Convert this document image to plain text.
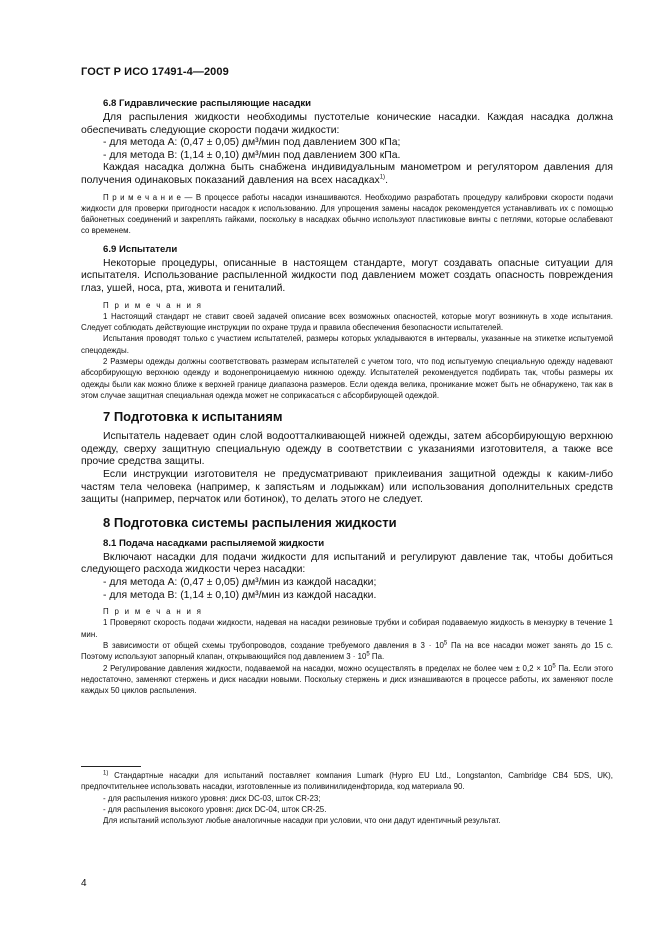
ГОСТ Р ИСО 17491-4—2009
6.8 Гидравлические распыляющие насадки

Для распыления жидкости необходимы пустотелые конические насадки. Каждая насадка должна обеспечивать следующие скорости подачи жидкости:

- для метода A: (0,47 ± 0,05) дм³/мин под давлением 300 кПа;
- для метода B: (1,14 ± 0,10) дм³/мин под давлением 300 кПа.

Каждая насадка должна быть снабжена индивидуальным манометром и регулятором давления для получения одинаковых показаний давления на всех насадках$^{1)}$.

П р и м е ч а н и е — В процессе работы насадки изнашиваются. Необходимо разработать процедуру калибровки скорости подачи жидкости для проверки пригодности насадок к использованию. Для упрощения замены насадок рекомендуется устанавливать их с помощью байонетных соединений и закреплять гайками, поскольку в насадках обычно используют пластиковые винты с петлями, которые ослабевают со временем.

6.9 Испытатели

Некоторые процедуры, описанные в настоящем стандарте, могут создавать опасные ситуации для испытателя. Использование распыленной жидкости под давлением может создать опасность повреждения глаз, ушей, носа, рта, живота и гениталий.

П р и м е ч а н и я

1 Настоящий стандарт не ставит своей задачей описание всех возможных опасностей, которые могут возникнуть в ходе испытания. Следует соблюдать действующие инструкции по охране труда и правила обеспечения безопасности испытателей.

Испытания проводят только с участием испытателей, размеры которых укладываются в интервалы, указанные на этикетке испытуемой спецодежды.

2 Размеры одежды должны соответствовать размерам испытателей с учетом того, что под испытуемую специальную одежду надевают абсорбирующую верхнюю одежду и водонепроницаемую нижнюю одежду. Испытателей рекомендуется подбирать так, чтобы размеры их одежды были как можно ближе к верхней границе диапазона размеров. Если одежда велика, проникание может быть не обнаружено, так как в этом случае защитная специальная одежда может не соприкасаться с абсорбирующей одеждой.

7 Подготовка к испытаниям

Испытатель надевает один слой водоотталкивающей нижней одежды, затем абсорбирующую верхнюю одежду, сверху защитную специальную одежду в соответствии с указаниями изготовителя, а также все прочие средства защиты.

Если инструкции изготовителя не предусматривают приклеивания защитной одежды к каким-либо частям тела человека (например, к запястьям и лодыжкам) или использования дополнительных средств защиты (например, перчаток или ботинок), то делать этого не следует.

8 Подготовка системы распыления жидкости
8.1 Подача насадками распыляемой жидкости

Включают насадки для подачи жидкости для испытаний и регулируют давление так, чтобы добиться следующего расхода жидкости через насадки:

- для метода A: (0,47 ± 0,05) дм³/мин из каждой насадки;
- для метода B: (1,14 ± 0,10) дм³/мин из каждой насадки.
П р и м е ч а н и я

1 Проверяют скорость подачи жидкости, надевая на насадки резиновые трубки и собирая подаваемую жидкость в мензурку в течение 1 мин.

В зависимости от общей схемы трубопроводов, создание требуемого давления в $3 \cdot 10^5$ Па на все насадки может занять до 15 с. Поэтому используют запорный клапан, открывающийся под давлением $3 \cdot 10^5$ Па.

2 Регулирование давления жидкости, подаваемой на насадки, можно осуществлять в пределах не более чем ± $0,2 \times 10^5$ Па. Если этого недостаточно, заменяют стержень и диск насадки новыми. Поскольку стержень и диск изнашиваются в процессе работы, их заменяют после каждых 50 циклов распыления.

$^{1)}$ Стандартные насадки для испытаний поставляет компания Lumark (Hypro EU Ltd., Longstanton, Cambridge CB4 5DS, UK), предпочтительнее использовать насадки, изготовленные из поливинилиденфторида, код материала 90.

- для распыления низкого уровня: диск DC-03, шток CR-23;
- для распыления высокого уровня: диск DC-04, шток CR-25.

Для испытаний используют любые аналогичные насадки при условии, что они дадут идентичный результат.

4
